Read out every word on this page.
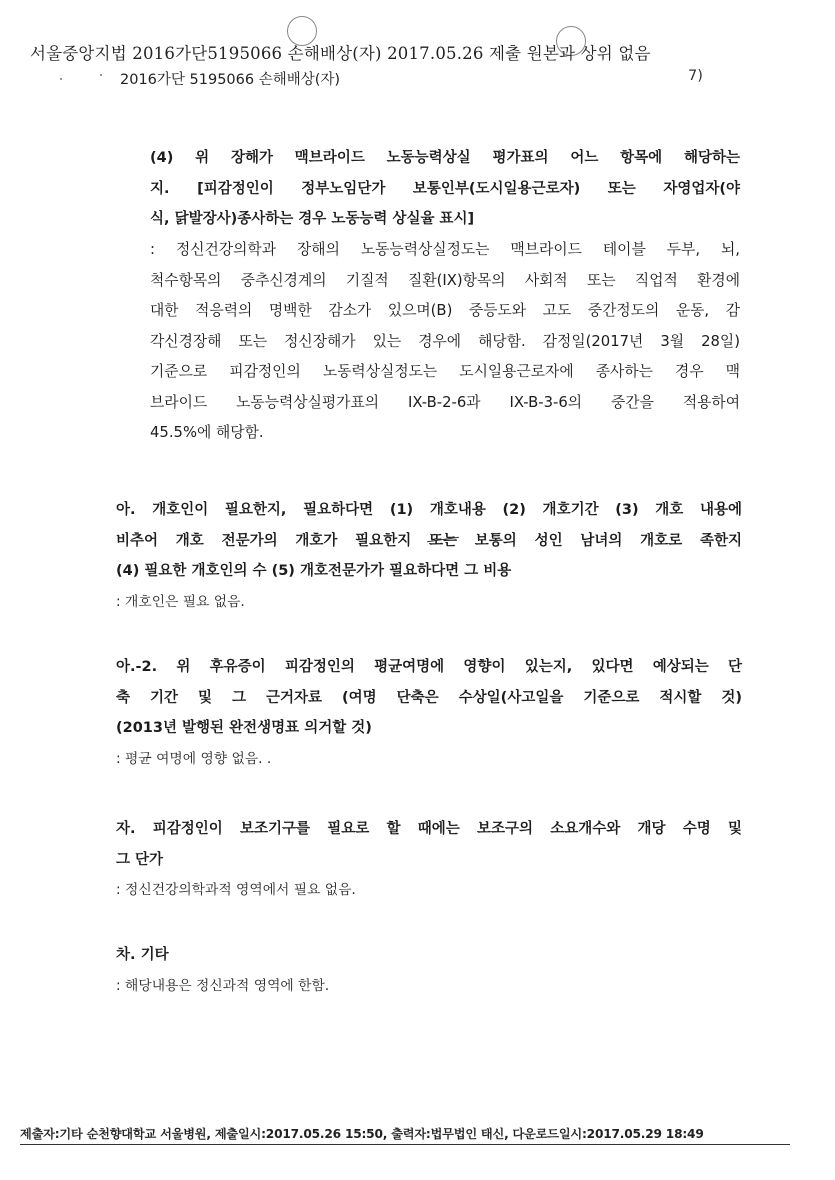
서울중앙지법 2016가단5195066 손해배상(자) 2017.05.26 제출 원본과 상위 없음
2016가단 5195066 손해배상(자)	7)
(4) 위 장해가 맥브라이드 노동능력상실 평가표의 어느 항목에 해당하는
지. [피감정인이 정부노임단가 보통인부(도시일용근로자) 또는 자영업자(야
식, 닭발장사)종사하는 경우 노동능력 상실율 표시]
: 정신건강의학과 장해의 노동능력상실정도는 맥브라이드 테이블 두부, 뇌,
척수항목의 중추신경계의 기질적 질환(IX)항목의 사회적 또는 직업적 환경에
대한 적응력의 명백한 감소가 있으며(B) 중등도와 고도 중간정도의 운동, 감
각신경장해 또는 정신장해가 있는 경우에 해당함. 감정일(2017년 3월 28일)
기준으로 피감정인의 노동력상실정도는 도시일용근로자에 종사하는 경우 맥
브라이드 노동능력상실평가표의 IX-B-2-6과 IX-B-3-6의 중간을 적용하여
45.5%에 해당함.
아. 개호인이 필요한지, 필요하다면 (1) 개호내용 (2) 개호기간 (3) 개호 내용에
비추어 개호 전문가의 개호가 필요한지 또는 보통의 성인 남녀의 개호로 족한지
(4) 필요한 개호인의 수 (5) 개호전문가가 필요하다면 그 비용
: 개호인은 필요 없음.
아.-2. 위 후유증이 피감정인의 평균여명에 영향이 있는지, 있다면 예상되는 단
축 기간 및 그 근거자료 (여명 단축은 수상일(사고일을 기준으로 적시할 것)
(2013년 발행된 완전생명표 의거할 것)
: 평균 여명에 영향 없음. .
자. 피감정인이 보조기구를 필요로 할 때에는 보조구의 소요개수와 개당 수명 및
그 단가
: 정신건강의학과적 영역에서 필요 없음.
차. 기타
: 해당내용은 정신과적 영역에 한함.
제출자:기타 순천향대학교 서울병원, 제출일시:2017.05.26 15:50, 출력자:법무법인 태신, 다운로드일시:2017.05.29 18:49
